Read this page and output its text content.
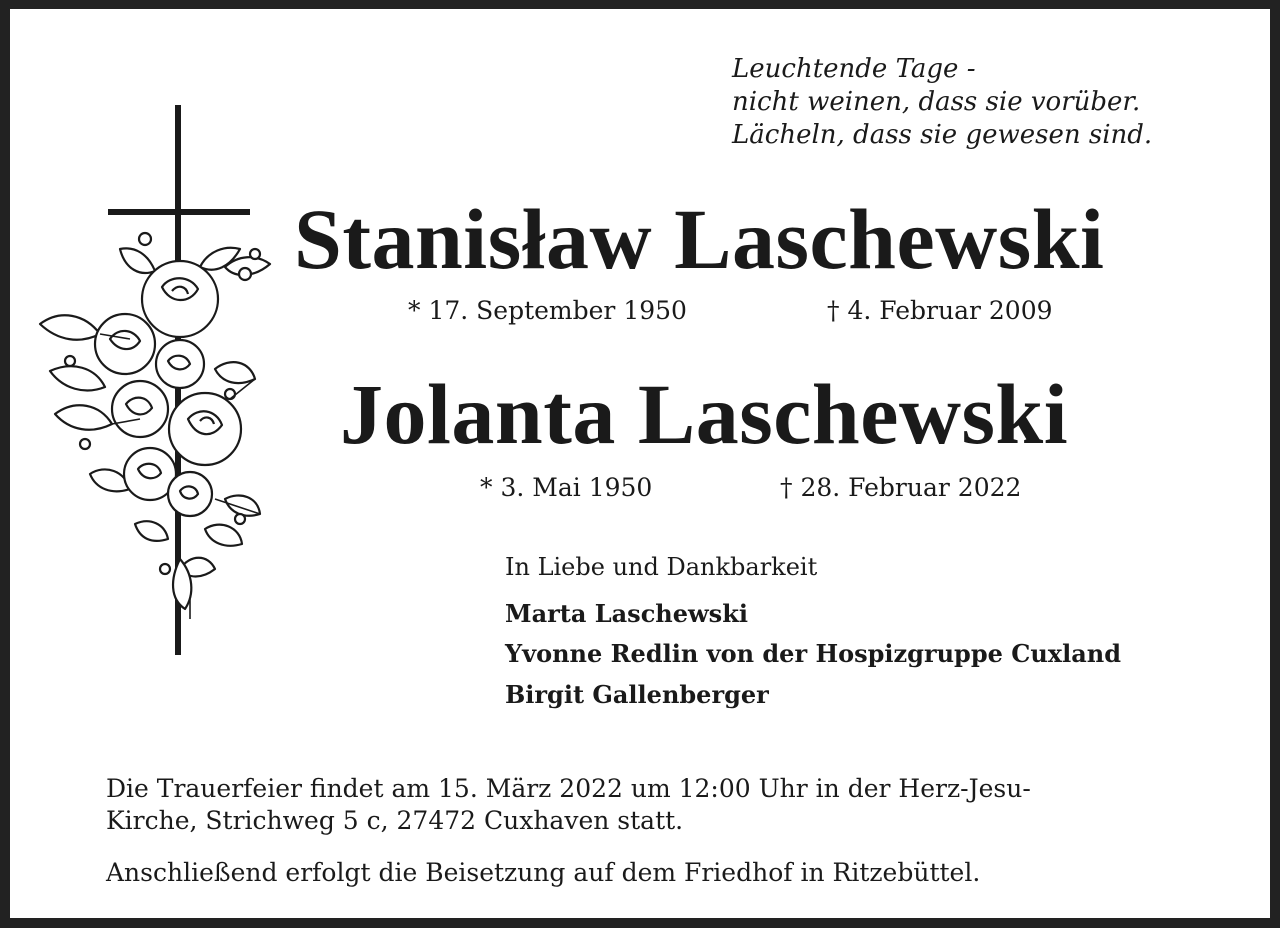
Leuchtende Tage -
nicht weinen, dass sie vorüber.
Lächeln, dass sie gewesen sind.
Stanisław Laschewski
* 17. September 1950	† 4. Februar 2009
Jolanta Laschewski
* 3. Mai 1950	† 28. Februar 2022
In Liebe und Dankbarkeit
Marta Laschewski
Yvonne Redlin von der Hospizgruppe Cuxland
Birgit Gallenberger
Die Trauerfeier findet am 15. März 2022 um 12:00 Uhr in der Herz-Jesu-
Kirche, Strichweg 5 c, 27472 Cuxhaven statt.
Anschließend erfolgt die Beisetzung auf dem Friedhof in Ritzebüttel.
